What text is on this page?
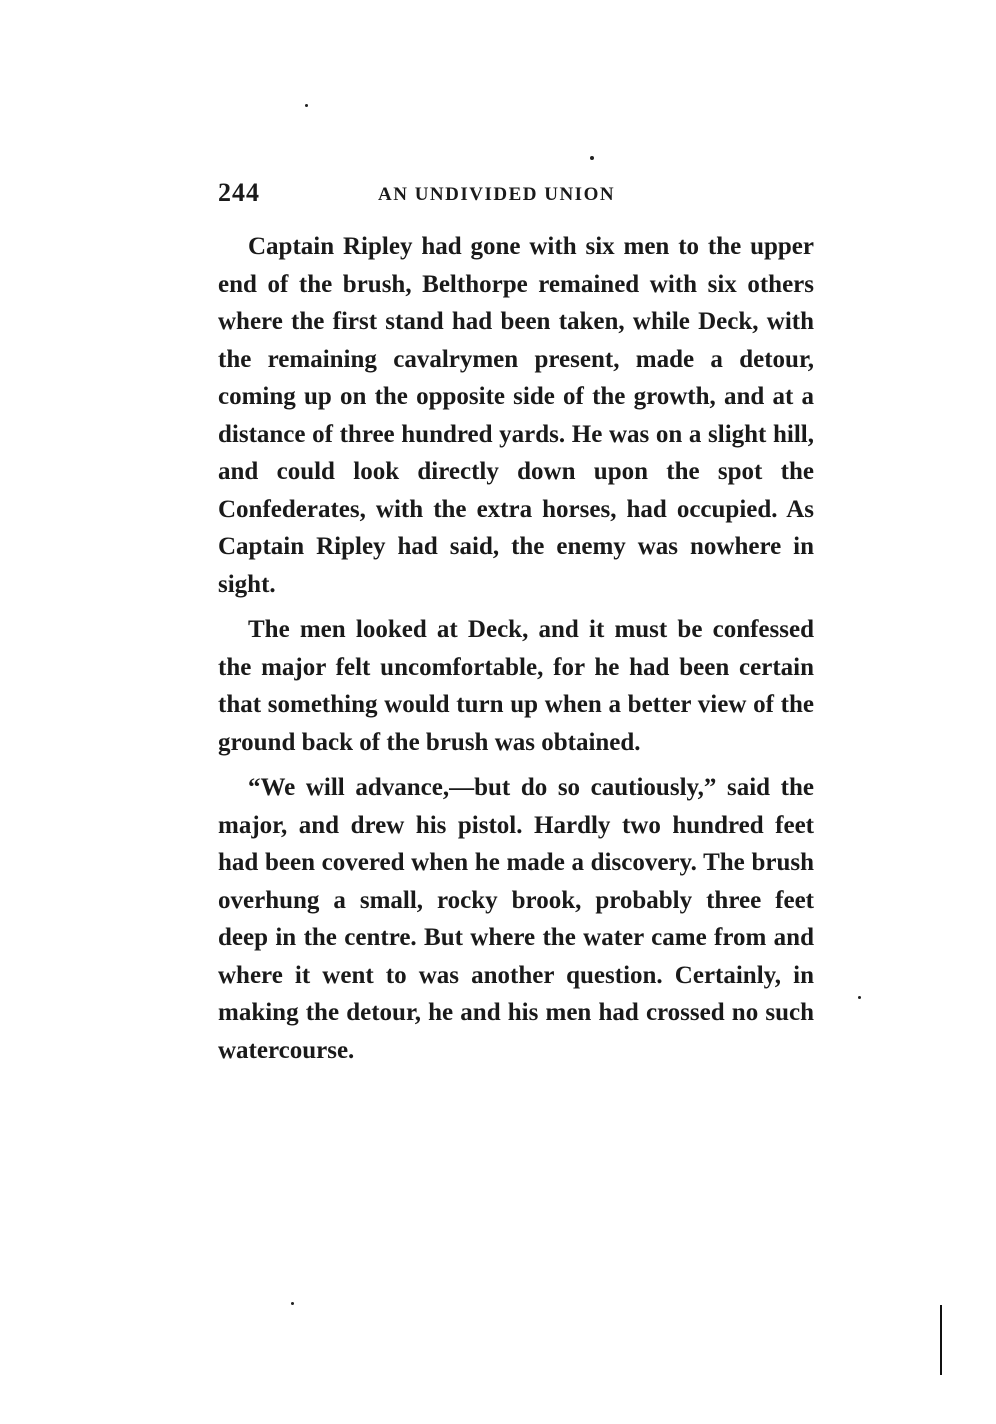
244	AN UNDIVIDED UNION

Captain Ripley had gone with six men to the upper end of the brush, Belthorpe remained with six others where the first stand had been taken, while Deck, with the remaining cavalrymen present, made a detour, coming up on the opposite side of the growth, and at a distance of three hundred yards. He was on a slight hill, and could look directly down upon the spot the Confederates, with the extra horses, had occupied. As Captain Ripley had said, the enemy was nowhere in sight.

The men looked at Deck, and it must be confessed the major felt uncomfortable, for he had been certain that something would turn up when a better view of the ground back of the brush was obtained.

“We will advance,—but do so cautiously,” said the major, and drew his pistol. Hardly two hundred feet had been covered when he made a discovery. The brush overhung a small, rocky brook, probably three feet deep in the centre. But where the water came from and where it went to was another question. Certainly, in making the detour, he and his men had crossed no such watercourse.
